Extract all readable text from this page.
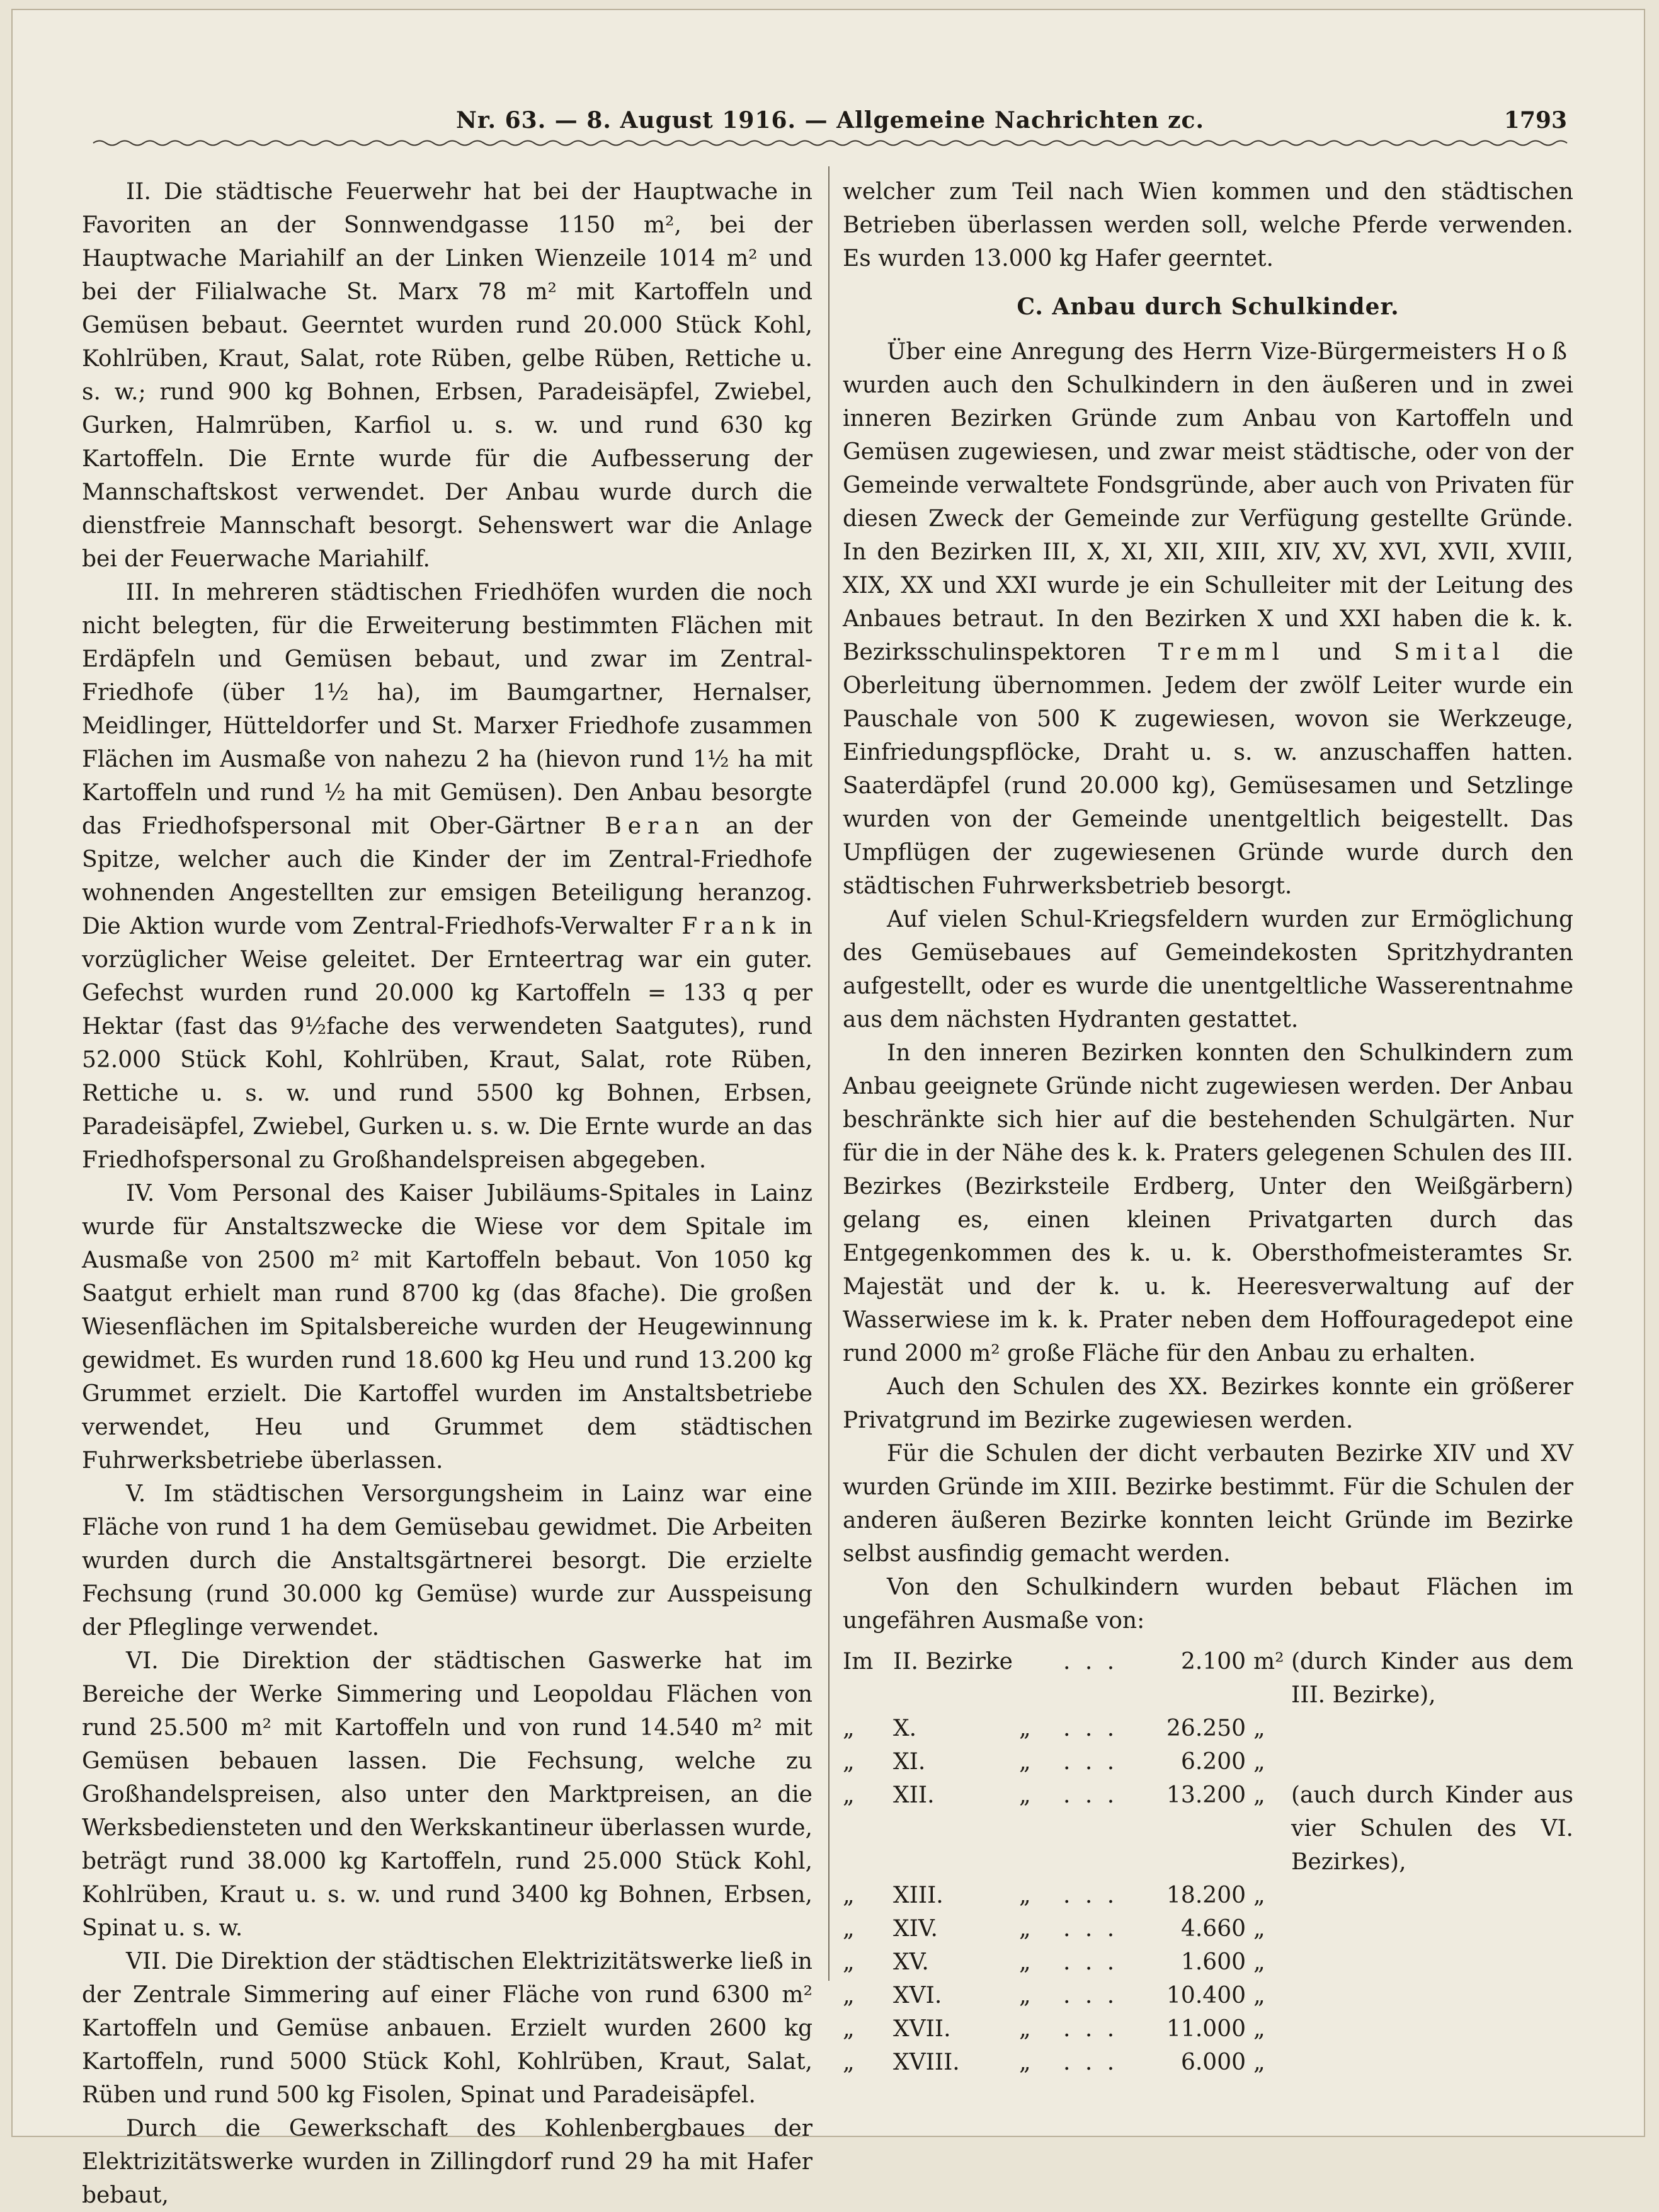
Nr. 63. — 8. August 1916. — Allgemeine Nachrichten zc.	1793

II. Die städtische Feuerwehr hat bei der Hauptwache in Favoriten an der Sonnwendgasse 1150 m², bei der Hauptwache Mariahilf an der Linken Wienzeile 1014 m² und bei der Filialwache St. Marx 78 m² mit Kartoffeln und Gemüsen bebaut. Geerntet wurden rund 20.000 Stück Kohl, Kohlrüben, Kraut, Salat, rote Rüben, gelbe Rüben, Rettiche u. s. w.; rund 900 kg Bohnen, Erbsen, Paradeisäpfel, Zwiebel, Gurken, Halmrüben, Karfiol u. s. w. und rund 630 kg Kartoffeln. Die Ernte wurde für die Aufbesserung der Mannschaftskost verwendet. Der Anbau wurde durch die dienstfreie Mannschaft besorgt. Sehenswert war die Anlage bei der Feuerwache Mariahilf.

III. In mehreren städtischen Friedhöfen wurden die noch nicht belegten, für die Erweiterung bestimmten Flächen mit Erdäpfeln und Gemüsen bebaut, und zwar im Zentral-Friedhofe (über 1½ ha), im Baumgartner, Hernalser, Meidlinger, Hütteldorfer und St. Marxer Friedhofe zusammen Flächen im Ausmaße von nahezu 2 ha (hievon rund 1½ ha mit Kartoffeln und rund ½ ha mit Gemüsen). Den Anbau besorgte das Friedhofspersonal mit Ober-Gärtner Beran an der Spitze, welcher auch die Kinder der im Zentral-Friedhofe wohnenden Angestellten zur emsigen Beteiligung heranzog. Die Aktion wurde vom Zentral-Friedhofs-Verwalter Frank in vorzüglicher Weise geleitet. Der Ernteertrag war ein guter. Gefechst wurden rund 20.000 kg Kartoffeln = 133 q per Hektar (fast das 9½fache des verwendeten Saatgutes), rund 52.000 Stück Kohl, Kohlrüben, Kraut, Salat, rote Rüben, Rettiche u. s. w. und rund 5500 kg Bohnen, Erbsen, Paradeisäpfel, Zwiebel, Gurken u. s. w. Die Ernte wurde an das Friedhofspersonal zu Großhandelspreisen abgegeben.

IV. Vom Personal des Kaiser Jubiläums-Spitales in Lainz wurde für Anstaltszwecke die Wiese vor dem Spitale im Ausmaße von 2500 m² mit Kartoffeln bebaut. Von 1050 kg Saatgut erhielt man rund 8700 kg (das 8fache). Die großen Wiesenflächen im Spitalsbereiche wurden der Heugewinnung gewidmet. Es wurden rund 18.600 kg Heu und rund 13.200 kg Grummet erzielt. Die Kartoffel wurden im Anstaltsbetriebe verwendet, Heu und Grummet dem städtischen Fuhrwerksbetriebe überlassen.

V. Im städtischen Versorgungsheim in Lainz war eine Fläche von rund 1 ha dem Gemüsebau gewidmet. Die Arbeiten wurden durch die Anstaltsgärtnerei besorgt. Die erzielte Fechsung (rund 30.000 kg Gemüse) wurde zur Ausspeisung der Pfleglinge verwendet.

VI. Die Direktion der städtischen Gaswerke hat im Bereiche der Werke Simmering und Leopoldau Flächen von rund 25.500 m² mit Kartoffeln und von rund 14.540 m² mit Gemüsen bebauen lassen. Die Fechsung, welche zu Großhandelspreisen, also unter den Marktpreisen, an die Werksbediensteten und den Werkskantineur überlassen wurde, beträgt rund 38.000 kg Kartoffeln, rund 25.000 Stück Kohl, Kohlrüben, Kraut u. s. w. und rund 3400 kg Bohnen, Erbsen, Spinat u. s. w.

VII. Die Direktion der städtischen Elektrizitätswerke ließ in der Zentrale Simmering auf einer Fläche von rund 6300 m² Kartoffeln und Gemüse anbauen. Erzielt wurden 2600 kg Kartoffeln, rund 5000 Stück Kohl, Kohlrüben, Kraut, Salat, Rüben und rund 500 kg Fisolen, Spinat und Paradeisäpfel.

Durch die Gewerkschaft des Kohlenbergbaues der Elektrizitätswerke wurden in Zillingdorf rund 29 ha mit Hafer bebaut,

welcher zum Teil nach Wien kommen und den städtischen Betrieben überlassen werden soll, welche Pferde verwenden. Es wurden 13.000 kg Hafer geerntet.

C. Anbau durch Schulkinder.

Über eine Anregung des Herrn Vize-Bürgermeisters Hoß wurden auch den Schulkindern in den äußeren und in zwei inneren Bezirken Gründe zum Anbau von Kartoffeln und Gemüsen zugewiesen, und zwar meist städtische, oder von der Gemeinde verwaltete Fondsgründe, aber auch von Privaten für diesen Zweck der Gemeinde zur Verfügung gestellte Gründe. In den Bezirken III, X, XI, XII, XIII, XIV, XV, XVI, XVII, XVIII, XIX, XX und XXI wurde je ein Schulleiter mit der Leitung des Anbaues betraut. In den Bezirken X und XXI haben die k. k. Bezirksschulinspektoren Tremml und Smital die Oberleitung übernommen. Jedem der zwölf Leiter wurde ein Pauschale von 500 K zugewiesen, wovon sie Werkzeuge, Einfriedungspflöcke, Draht u. s. w. anzuschaffen hatten. Saaterdäpfel (rund 20.000 kg), Gemüsesamen und Setzlinge wurden von der Gemeinde unentgeltlich beigestellt. Das Umpflügen der zugewiesenen Gründe wurde durch den städtischen Fuhrwerksbetrieb besorgt.

Auf vielen Schul-Kriegsfeldern wurden zur Ermöglichung des Gemüsebaues auf Gemeindekosten Spritzhydranten aufgestellt, oder es wurde die unentgeltliche Wasserentnahme aus dem nächsten Hydranten gestattet.

In den inneren Bezirken konnten den Schulkindern zum Anbau geeignete Gründe nicht zugewiesen werden. Der Anbau beschränkte sich hier auf die bestehenden Schulgärten. Nur für die in der Nähe des k. k. Praters gelegenen Schulen des III. Bezirkes (Bezirksteile Erdberg, Unter den Weißgärbern) gelang es, einen kleinen Privatgarten durch das Entgegenkommen des k. u. k. Obersthofmeisteramtes Sr. Majestät und der k. u. k. Heeresverwaltung auf der Wasserwiese im k. k. Prater neben dem Hoffouragedepot eine rund 2000 m² große Fläche für den Anbau zu erhalten.

Auch den Schulen des XX. Bezirkes konnte ein größerer Privatgrund im Bezirke zugewiesen werden.

Für die Schulen der dicht verbauten Bezirke XIV und XV wurden Gründe im XIII. Bezirke bestimmt. Für die Schulen der anderen äußeren Bezirke konnten leicht Gründe im Bezirke selbst ausfindig gemacht werden.

Von den Schulkindern wurden bebaut Flächen im ungefähren Ausmaße von:

Im II. Bezirke . . .	2.100 m² (durch Kinder aus dem III. Bezirke),
„	X.	„	. . .	26.250 „
„	XI.	„	. . .	6.200 „
„	XII.	„	. . .	13.200 „	(auch durch Kinder aus vier Schulen des VI. Bezirkes),
„	XIII.	„	. . .	18.200 „
„	XIV.	„	. . .	4.660 „
„	XV.	„	. . .	1.600 „
„	XVI.	„	. . .	10.400 „
„	XVII.	„	. . .	11.000 „
„	XVIII.	„	. . .	6.000 „
